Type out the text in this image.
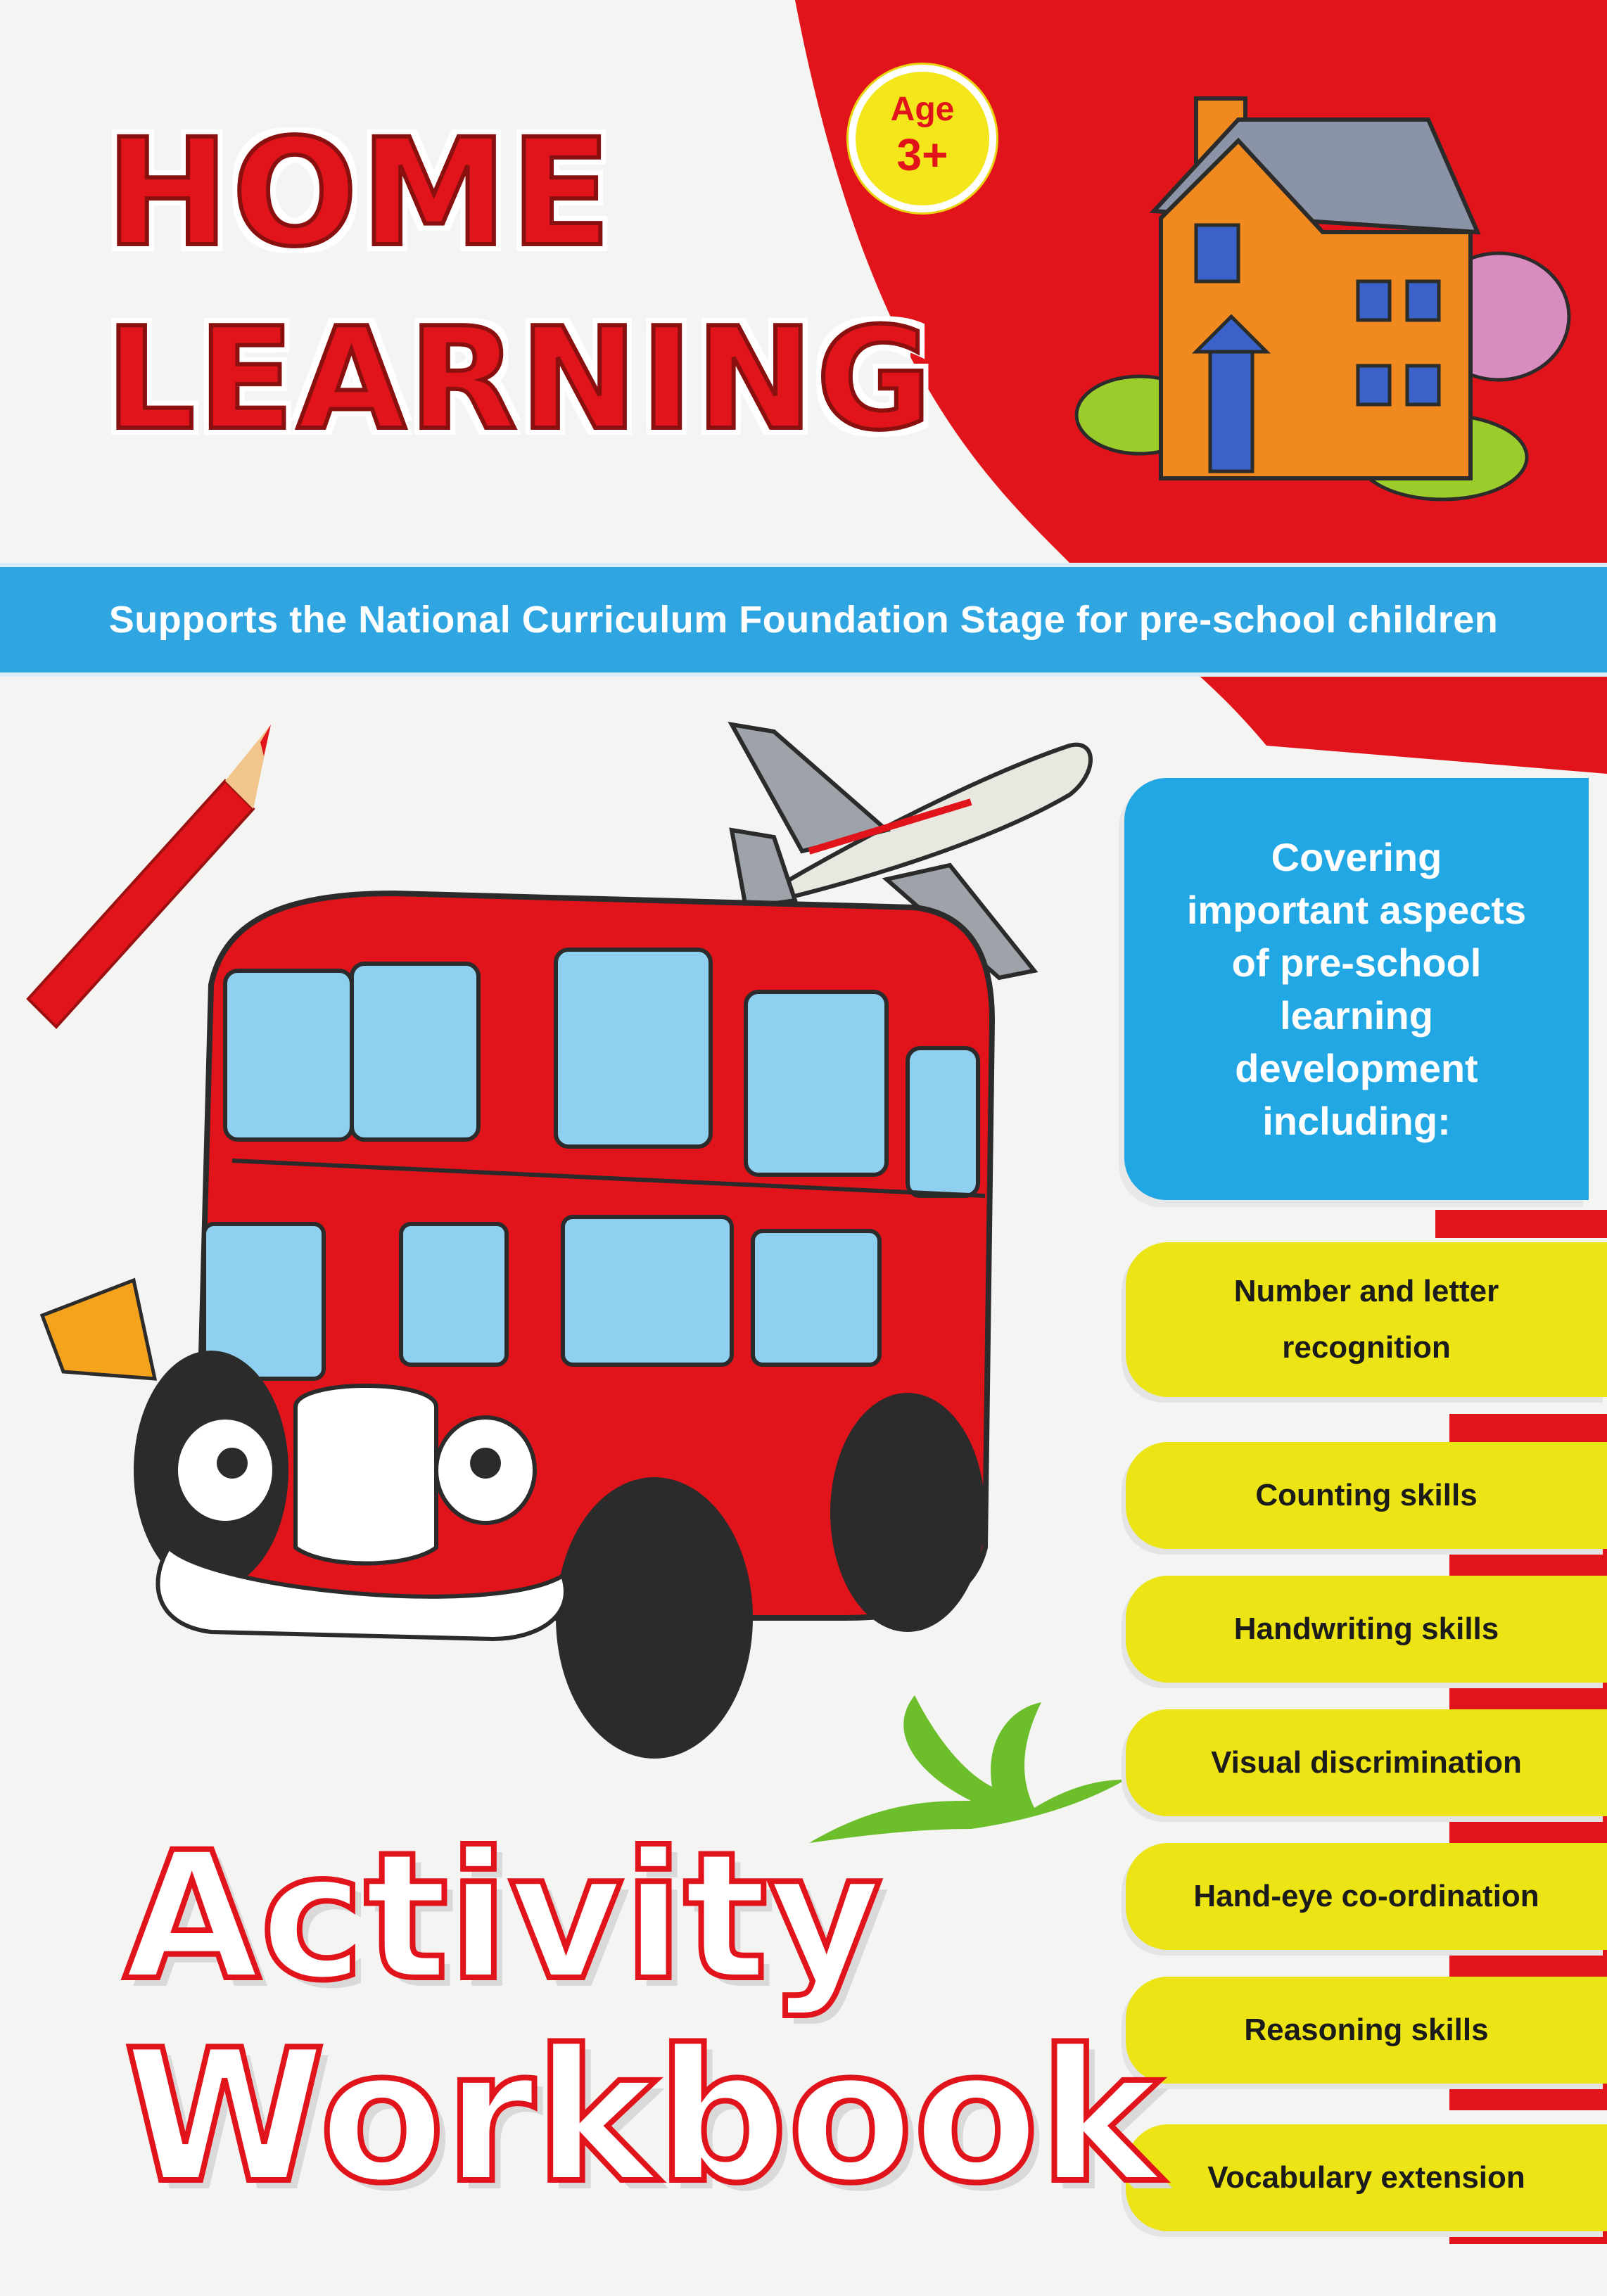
HOME
LEARNING
Age
3+
Supports the National Curriculum Foundation Stage for pre-school children
Covering
important aspects
of pre-school
learning
development
including:
Number and letter recognition
Counting skills
Handwriting skills
Visual discrimination
Hand-eye co-ordination
Reasoning skills
Vocabulary extension
Activity
Workbook
